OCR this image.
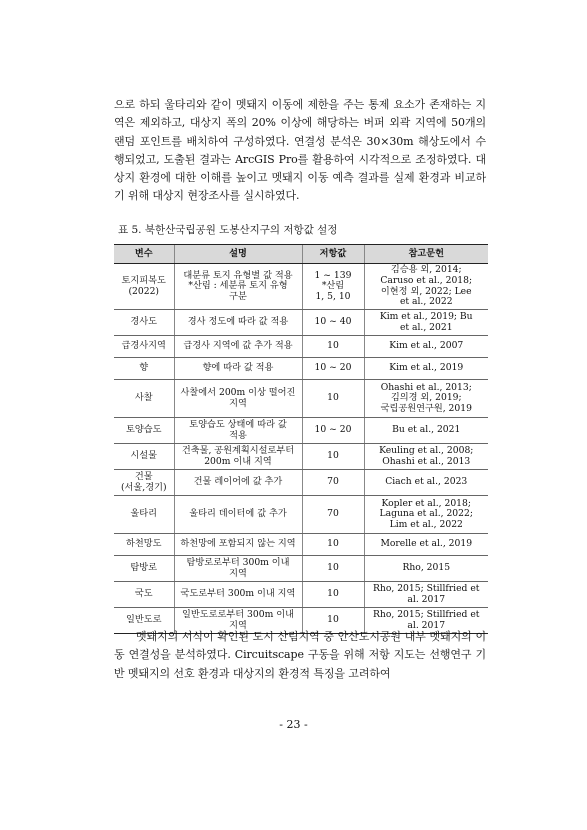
으로 하되 울타리와 같이 멧돼지 이동에 제한을 주는 통제 요소가 존재하는 지역은 제외하고, 대상지 폭의 20% 이상에 해당하는 버퍼 외곽 지역에 50개의 랜덤 포인트를 배치하여 구성하였다. 연결성 분석은 30×30m 해상도에서 수행되었고, 도출된 결과는 ArcGIS Pro를 활용하여 시각적으로 조정하였다. 대상지 환경에 대한 이해를 높이고 멧돼지 이동 예측 결과를 실제 환경과 비교하기 위해 대상지 현장조사를 실시하였다.

표 5. 북한산국립공원 도봉산지구의 저항값 설정
변수	설명	저항값	참고문헌
토지피복도
(2022)	대분류 토지 유형별 값 적용
*산림 : 세분류 토지 유형
구분	1 ~ 139
*산림
1, 5, 10	김승용 외, 2014;
Caruso et al., 2018;
이현정 외, 2022; Lee
et al., 2022
경사도	경사 정도에 따라 값 적용	10 ~ 40	Kim et al., 2019; Bu
et al., 2021
급경사지역	급경사 지역에 값 추가 적용	10	Kim et al., 2007
향	향에 따라 값 적용	10 ~ 20	Kim et al., 2019
사찰	사찰에서 200m 이상 떨어진
지역	10	Ohashi et al., 2013;
김의경 외, 2019;
국립공원연구원, 2019
토양습도	토양습도 상태에 따라 값
적용	10 ~ 20	Bu et al., 2021
시설물	건축물, 공원계획시설로부터
200m 이내 지역	10	Keuling et al., 2008;
Ohashi et al., 2013
건물
(서울,경기)	건물 레이어에 값 추가	70	Ciach et al., 2023
울타리	울타리 데이터에 값 추가	70	Kopler et al., 2018;
Laguna et al., 2022;
Lim et al., 2022
하천망도	하천망에 포함되지 않는 지역	10	Morelle et al., 2019
탐방로	탐방로로부터 300m 이내
지역	10	Rho, 2015
국도	국도로부터 300m 이내 지역	10	Rho, 2015; Stillfried et
al. 2017
일반도로	일반도로로부터 300m 이내
지역	10	Rho, 2015; Stillfried et
al. 2017

멧돼지의 서식이 확인된 도시 산림지역 중 안산도시공원 내부 멧돼지의 이동 연결성을 분석하였다. Circuitscape 구동을 위해 저항 지도는 선행연구 기반 멧돼지의 선호 환경과 대상지의 환경적 특징을 고려하여

- 23 -
